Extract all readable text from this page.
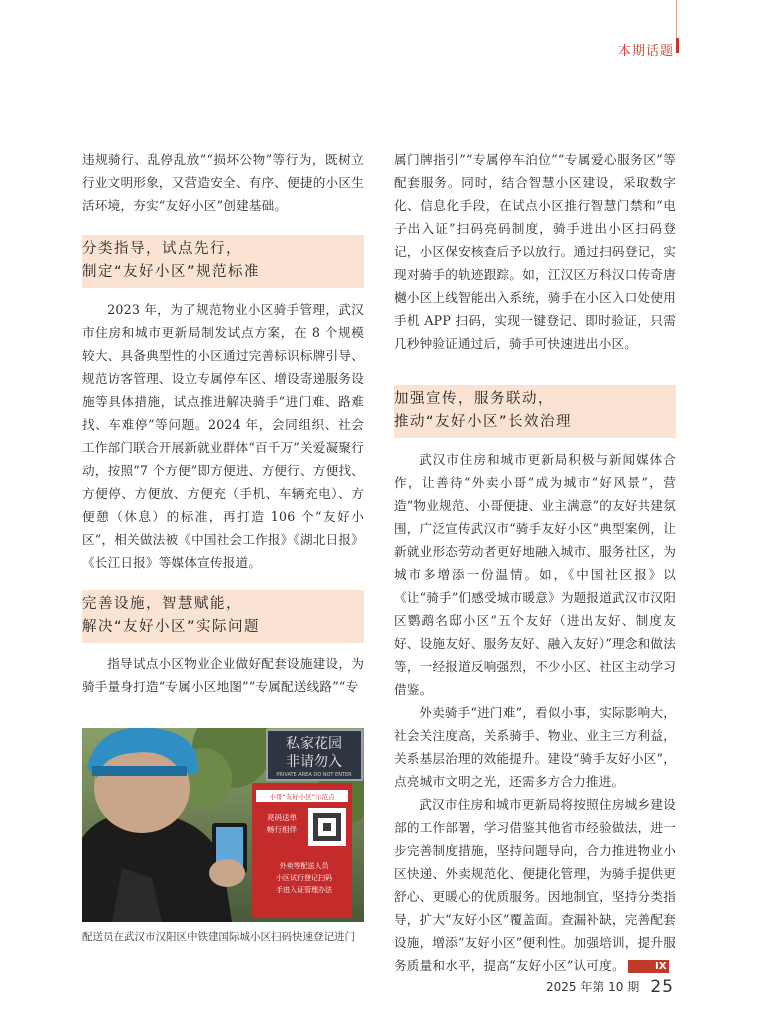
本期话题

违规骑行、乱停乱放”“损坏公物”等行为，既树立行业文明形象，又营造安全、有序、便捷的小区生活环境，夯实“友好小区”创建基础。

分类指导，试点先行，
制定“友好小区”规范标准

2023 年，为了规范物业小区骑手管理，武汉市住房和城市更新局制发试点方案，在 8 个规模较大、具备典型性的小区通过完善标识标牌引导、规范访客管理、设立专属停车区、增设寄递服务设施等具体措施，试点推进解决骑手“进门难、路难找、车难停”等问题。2024 年，会同组织、社会工作部门联合开展新就业群体“百千万”关爱凝聚行动，按照“7 个方便”即方便进、方便行、方便找、方便停、方便放、方便充（手机、车辆充电）、方便憩（休息）的标准，再打造 106 个“友好小区”，相关做法被《中国社会工作报》《湖北日报》《长江日报》等媒体宣传报道。

完善设施，智慧赋能，
解决“友好小区”实际问题

指导试点小区物业企业做好配套设施建设，为骑手量身打造“专属小区地图”“专属配送线路”“专

属门牌指引”“专属停车泊位”“专属爱心服务区”等配套服务。同时，结合智慧小区建设，采取数字化、信息化手段，在试点小区推行智慧门禁和“电子出入证”扫码亮码制度，骑手进出小区扫码登记，小区保安核查后予以放行。通过扫码登记，实现对骑手的轨迹跟踪。如，江汉区万科汉口传奇唐樾小区上线智能出入系统，骑手在小区入口处使用手机 APP 扫码，实现一键登记、即时验证，只需几秒钟验证通过后，骑手可快速进出小区。

加强宣传，服务联动，
推动“友好小区”长效治理

武汉市住房和城市更新局积极与新闻媒体合作，让善待“外卖小哥”成为城市“好风景”，营造“物业规范、小哥便捷、业主满意”的友好共建氛围，广泛宣传武汉市“骑手友好小区”典型案例，让新就业形态劳动者更好地融入城市、服务社区，为城市多增添一份温情。如，《中国社区报》以《让“骑手”们感受城市暖意》为题报道武汉市汉阳区鹦鹉名邸小区“五个友好（进出友好、制度友好、设施友好、服务友好、融入友好）”理念和做法等，一经报道反响强烈，不少小区、社区主动学习借鉴。

外卖骑手“进门难”，看似小事，实际影响大，社会关注度高，关系骑手、物业、业主三方利益，关系基层治理的效能提升。建设“骑手友好小区”，点亮城市文明之光，还需多方合力推进。

武汉市住房和城市更新局将按照住房城乡建设部的工作部署，学习借鉴其他省市经验做法，进一步完善制度措施，坚持问题导向，合力推进物业小区快递、外卖规范化、便捷化管理，为骑手提供更舒心、更暖心的优质服务。因地制宜，坚持分类指导，扩大“友好小区”覆盖面。查漏补缺，完善配套设施，增添“友好小区”便利性。加强培训，提升服务质量和水平，提高“友好小区”认可度。	IX

私家花园
非请勿入
PRIVATE AREA DO NOT ENTER
小哥“友好小区”示范点
亮码送单
畅行相伴
外卖等配送人员
小区试行登记扫码
手进入证管理办法
配送员在武汉市汉阳区中铁建国际城小区扫码快速登记进门
2025 年第 10 期 25
